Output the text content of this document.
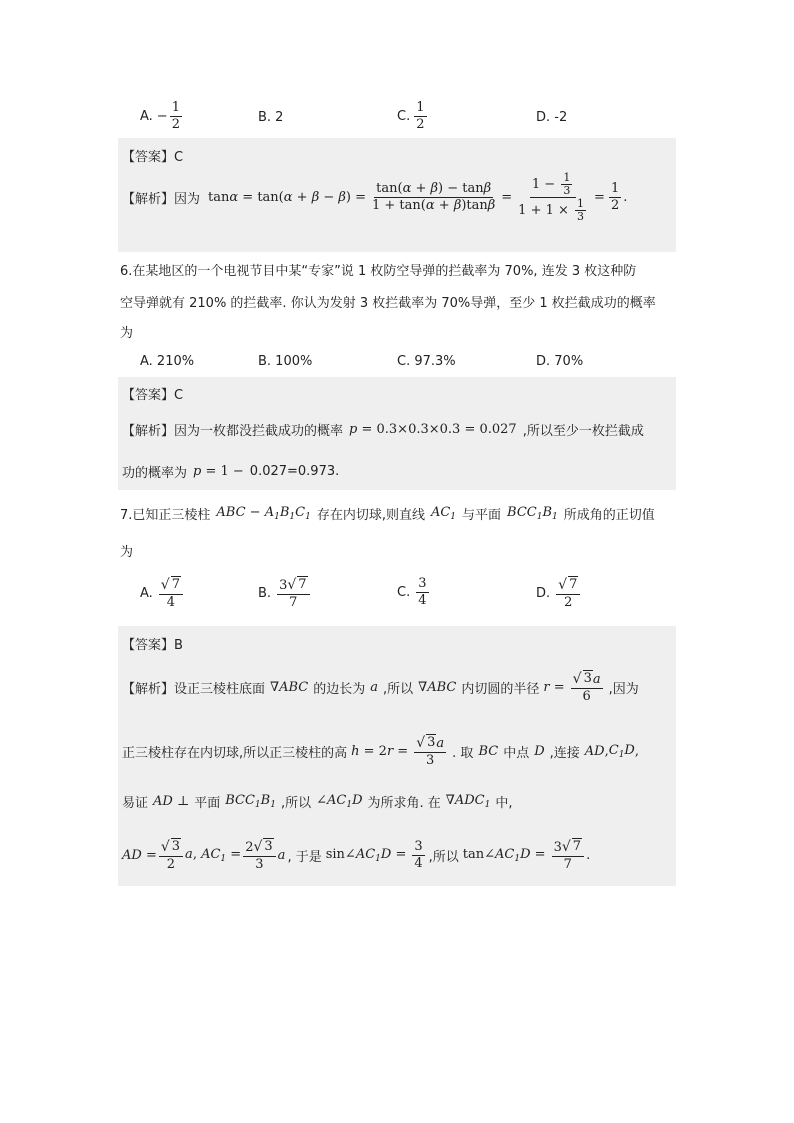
A. − $\frac{1}{2}$	B. 2	C. $\frac{1}{2}$	D. -2
【答案】C
【解析】因为 $\tan\alpha = \tan(\alpha + \beta - \beta) = \frac{\tan(\alpha + \beta) - \tan\beta}{1 + \tan(\alpha + \beta)\tan\beta} = \frac{1 - \frac{1}{3}}{1 + 1 \times \frac{1}{3}} = \frac{1}{2}$ .
6.在某地区的一个电视节目中某“专家”说 1 枚防空导弹的拦截率为 70%, 连发 3 枚这种防
空导弹就有 210% 的拦截率. 你认为发射 3 枚拦截率为 70%导弹，至少 1 枚拦截成功的概率
为
A. 210%	B. 100%	C. 97.3%	D. 70%
【答案】C
【解析】因为一枚都没拦截成功的概率 p = 0.3×0.3×0.3 = 0.027 ,所以至少一枚拦截成
功的概率为 p = 1 − 0.027=0.973.
7.已知正三棱柱 ABC − $A_1B_1C_1$ 存在内切球,则直线 $AC_1$ 与平面 $BCC_1B_1$ 所成角的正切值
为
A.
√ $\frac{7}{4}$	B. 3
√ 7
7	C. $\frac{3}{4}$	D.
√ $\frac{7}{2}$
【答案】B
【解析】设正三棱柱底面 ∇ABC 的边长为 a ,所以 ∇ABC 内切圆的半径 r =
√ $\frac{3 a}{6}$ ,因为
正三棱柱存在内切球,所以正三棱柱的高 h = 2r =
√ $\frac{3 a}{3}$ . 取 BC 中点 D ,连接 AD , $C_1D$ ,
易证 AD ⊥ 平面 $BCC_1B_1$ ,所以 $\angle AC_1D$ 为所求角. 在 $\nabla ADC_1$ 中,
AD =
√ $\frac{3}{2} a$, $AC_1 = 2$
√ 3
3 a , 于是 $\sin\angle AC_1D = \frac{3}{4}$ ,所以 $\tan\angle AC_1D = 3$
√ 7
7 .
